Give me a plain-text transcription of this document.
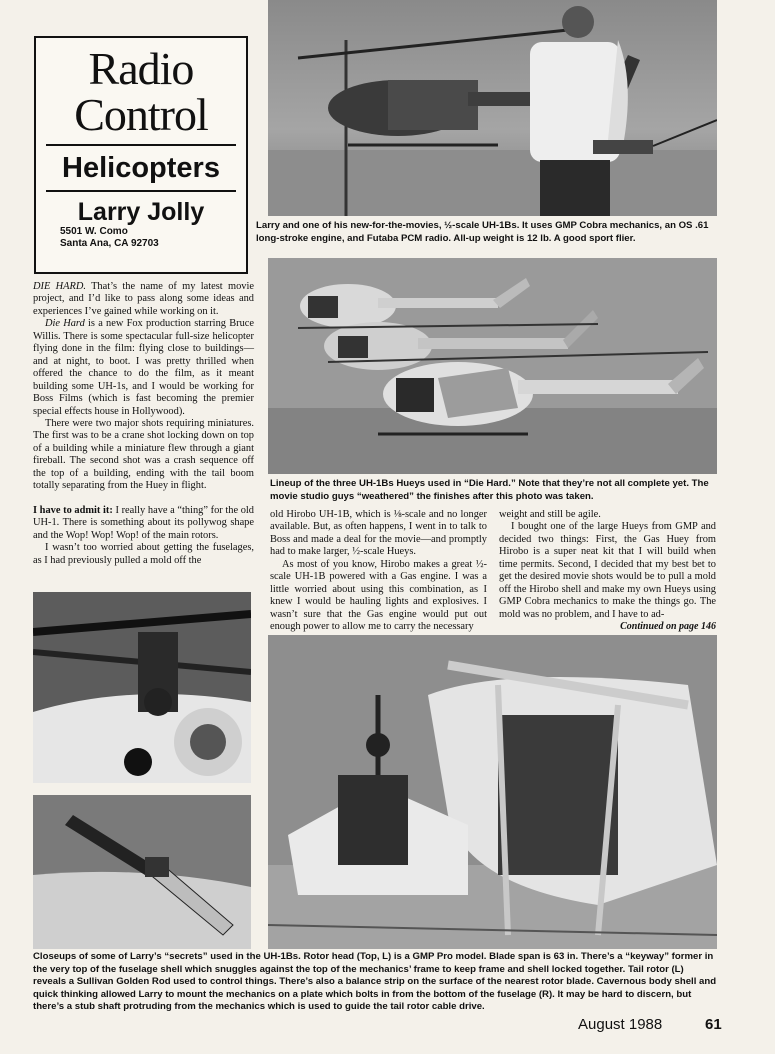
Radio
Control
Helicopters
Larry Jolly
5501 W. Como
Santa Ana, CA 92703
Larry and one of his new-for-the-movies, ½-scale UH-1Bs. It uses GMP Cobra mechanics, an OS .61 long-stroke engine, and Futaba PCM radio. All-up weight is 12 lb. A good sport flier.
Lineup of the three UH-1Bs Hueys used in “Die Hard.” Note that they’re not all complete yet. The movie studio guys “weathered” the finishes after this photo was taken.

DIE HARD. That’s the name of my latest movie project, and I’d like to pass along some ideas and experiences I’ve gained while working on it.

Die Hard is a new Fox production starring Bruce Willis. There is some spectacular full-size helicopter flying done in the film: flying close to buildings—and at night, to boot. I was pretty thrilled when offered the chance to do the film, as it meant building some UH-1s, and I would be working for Boss Films (which is fast becoming the premier special effects house in Hollywood).

There were two major shots requiring miniatures. The first was to be a crane shot locking down on top of a building while a miniature flew through a giant fireball. The second shot was a crash sequence off the top of a building, ending with the tail boom totally separating from the Huey in flight.

I have to admit it: I really have a “thing” for the old UH-1. There is something about its pollywog shape and the Wop! Wop! Wop! of the main rotors.

I wasn’t too worried about getting the fuselages, as I had previously pulled a mold off the

old Hirobo UH-1B, which is ⅛-scale and no longer available. But, as often happens, I went in to talk to Boss and made a deal for the movie—and promptly had to make larger, ½-scale Hueys.

As most of you know, Hirobo makes a great ½-scale UH-1B powered with a Gas engine. I was a little worried about using this combination, as I knew I would be hauling lights and explosives. I wasn’t sure that the Gas engine would put out enough power to allow me to carry the necessary

weight and still be agile.

I bought one of the large Hueys from GMP and decided two things: First, the Gas Huey from Hirobo is a super neat kit that I will build when time permits. Second, I decided that my best bet to get the desired movie shots would be to pull a mold off the Hirobo shell and make my own Hueys using GMP Cobra mechanics to make the things go. The mold was no problem, and I have to ad-

Continued on page 146
Closeups of some of Larry’s “secrets” used in the UH-1Bs. Rotor head (Top, L) is a GMP Pro model. Blade span is 63 in. There’s a “keyway” former in the very top of the fuselage shell which snuggles against the top of the mechanics’ frame to keep frame and shell locked together. Tail rotor (L) reveals a Sullivan Golden Rod used to control things. There’s also a balance strip on the surface of the nearest rotor blade. Cavernous body shell and quick thinking allowed Larry to mount the mechanics on a plate which bolts in from the bottom of the fuselage (R). It may be hard to discern, but there’s a stub shaft protruding from the mechanics which is used to guide the tail rotor cable drive.
August 1988	61
